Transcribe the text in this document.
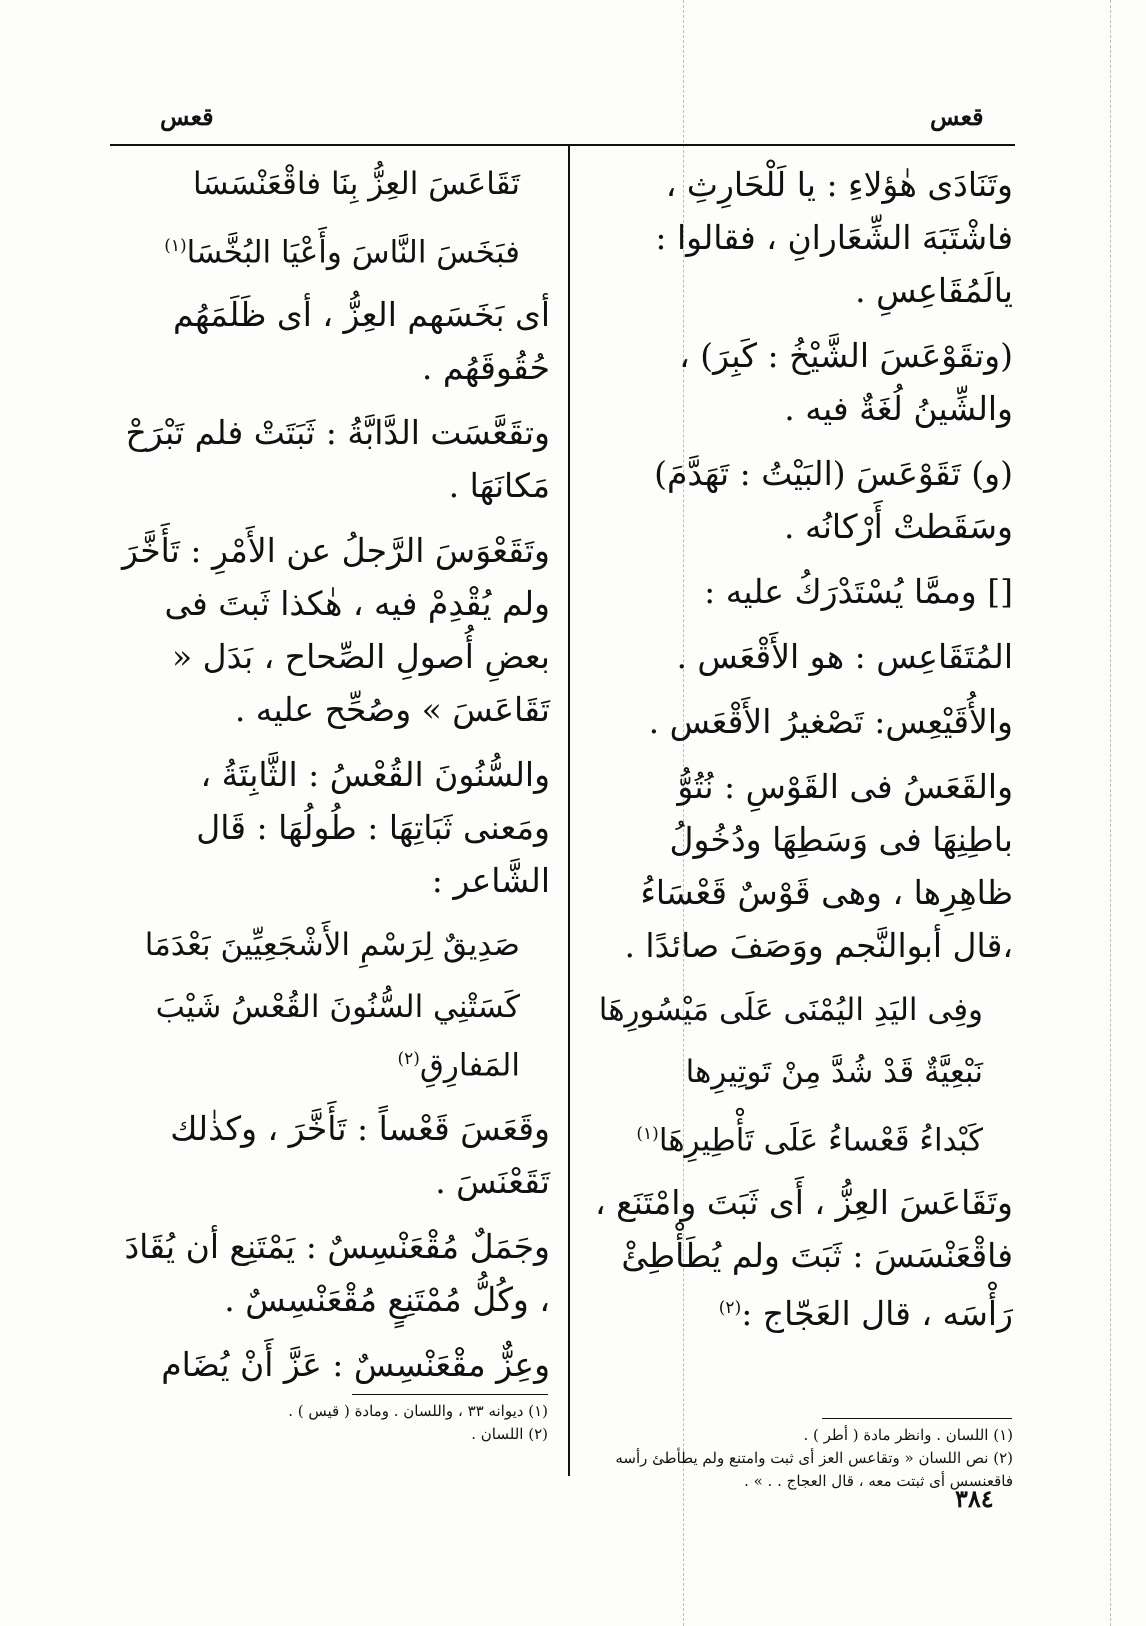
قعس
قعس

وتَنَادَى هٰؤلاءِ : يا لَلْحَارِثِ ، فاشْتَبَهَ الشِّعَارانِ ، فقالوا : يالَمُقَاعِسِ .

(وتقَوْعَسَ الشَّيْخُ : كَبِرَ) ، والشِّينُ لُغَةٌ فيه .

(و) تَقَوْعَسَ (البَيْتُ : تَهَدَّمَ) وسَقَطتْ أَرْكانُه .

[] وممَّا يُسْتَدْرَكُ عليه :

المُتَقَاعِس : هو الأَقْعَس .

والأُقَيْعِس: تَصْغيرُ الأَقْعَس .

والقَعَسُ فى القَوْسِ : نُتُوُّ باطِنِهَا فى وَسَطِهَا ودُخُولُ ظاهِرِها ، وهى قَوْسٌ قَعْسَاءُ ،قال أبوالنَّجم ووَصَفَ صائدًا .

وفِى اليَدِ اليُمْنَى عَلَى مَيْسُورِهَا
نَبْعِيَّةٌ قَدْ شُدَّ مِنْ تَوتِيرِها
كَبْداءُ قَعْساءُ عَلَى تَأْطِيرِهَا$^{(١)}$

وتَقَاعَسَ العِزُّ ، أَى ثَبَتَ وامْتَنَع ، فاقْعَنْسَسَ : ثَبَتَ ولم يُطَأْطِئْ رَأْسَه ، قال العَجّاج :$^{(٢)}$

(١) اللسان . وانظر مادة ( أطر ) .
(٢) نص اللسان « وتقاعس العز أى ثبت وامتنع ولم يطأطئ رأسه فاقعنسس أى ثبتت معه ، قال العجاج . . » .
٣٨٤
تَقَاعَسَ العِزُّ بِنَا فاقْعَنْسَسَا
فبَخَسَ النَّاسَ وأَعْيَا البُخَّسَا$^{(١)}$

أى بَخَسَهم العِزُّ ، أى ظَلَمَهُم حُقُوقَهُم .

وتقَعَّسَت الدَّابَّةُ : ثَبَتَتْ فلم تَبْرَحْ مَكانَهَا .

وتَقَعْوَسَ الرَّجلُ عن الأَمْرِ : تَأَخَّرَ ولم يُقْدِمْ فيه ، هٰكذا ثَبتَ فى بعضِ أُصولِ الصِّحاح ، بَدَل « تَقَاعَسَ » وصُحِّح عليه .

والسُّنُونَ القُعْسُ : الثَّابِتَةُ ، ومَعنى ثَبَاتِهَا : طُولُهَا : قَال الشَّاعر :

صَدِيقٌ لِرَسْمِ الأَشْجَعِيِّينَ بَعْدَمَا
كَسَتْنِي السُّنُونَ القُعْسُ شَيْبَ المَفارِقِ$^{(٢)}$

وقَعَسَ قَعْساً : تَأَخَّرَ ، وكذٰلك تَقَعْنَسَ .

وجَمَلٌ مُقْعَنْسِسٌ : يَمْتَنِع أن يُقَادَ ، وكُلُّ مُمْتَنِعٍ مُقْعَنْسِسٌ .

وعِزٌّ مقْعَنْسِسٌ : عَزَّ أَنْ يُضَام

(١) ديوانه ٣٣ ، واللسان . ومادة ( قيس ) .
(٢) اللسان .
